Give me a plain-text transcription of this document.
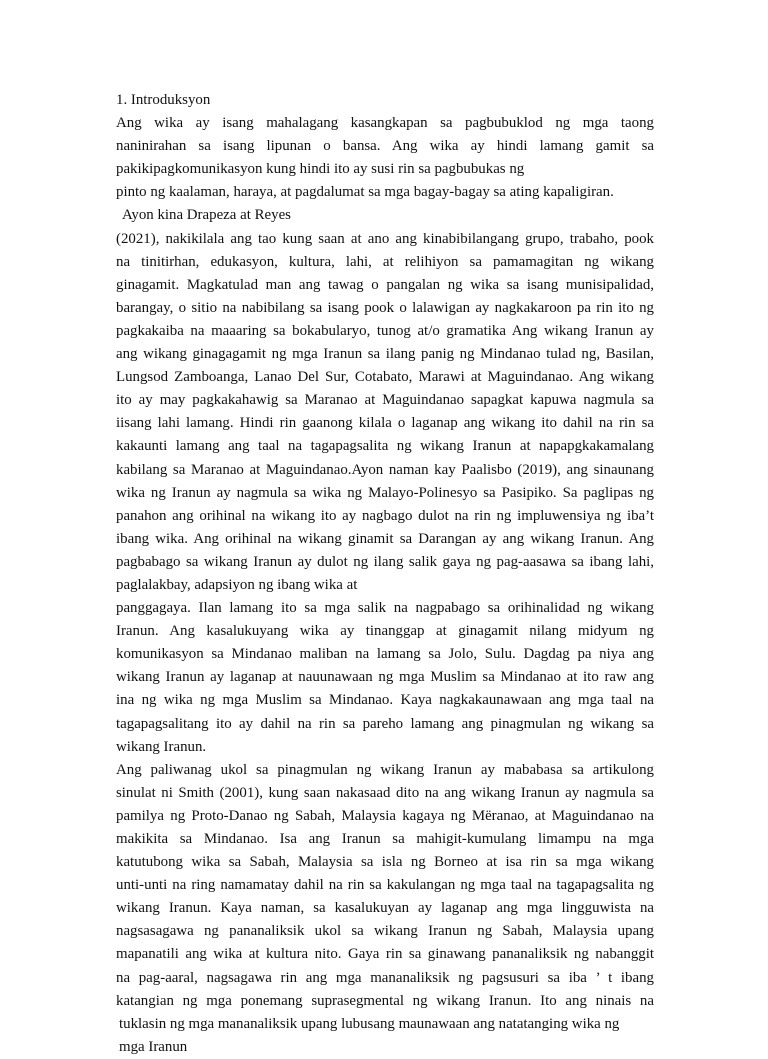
1. Introduksyon
Ang wika ay isang mahalagang kasangkapan sa pagbubuklod ng mga taong
naninirahan sa isang lipunan o bansa. Ang wika ay hindi lamang gamit sa
pakikipagkomunikasyon kung hindi ito ay susi rin sa pagbubukas ng
pinto ng kaalaman, haraya, at pagdalumat sa mga bagay-bagay sa ating kapaligiran.
Ayon kina Drapeza at Reyes
(2021), nakikilala ang tao kung saan at ano ang kinabibilangang grupo, trabaho, pook
na tinitirhan, edukasyon, kultura, lahi, at relihiyon sa pamamagitan ng wikang
ginagamit. Magkatulad man ang tawag o pangalan ng wika sa isang munisipalidad,
barangay, o sitio na nabibilang sa isang pook o lalawigan ay nagkakaroon pa rin ito ng
pagkakaiba na maaaring sa bokabularyo, tunog at/o gramatika Ang wikang Iranun ay
ang wikang ginagagamit ng mga Iranun sa ilang panig ng Mindanao tulad ng, Basilan,
Lungsod Zamboanga, Lanao Del Sur, Cotabato, Marawi at Maguindanao. Ang wikang
ito ay may pagkakahawig sa Maranao at Maguindanao sapagkat kapuwa nagmula sa
iisang lahi lamang. Hindi rin gaanong kilala o laganap ang wikang ito dahil na rin sa
kakaunti lamang ang taal na tagapagsalita ng wikang Iranun at napapgkakamalang
kabilang sa Maranao at Maguindanao.Ayon naman kay Paalisbo (2019), ang sinaunang
wika ng Iranun ay nagmula sa wika ng Malayo-Polinesyo sa Pasipiko. Sa paglipas ng
panahon ang orihinal na wikang ito ay nagbago dulot na rin ng impluwensiya ng iba’t
ibang wika. Ang orihinal na wikang ginamit sa Darangan ay ang wikang Iranun. Ang
pagbabago sa wikang Iranun ay dulot ng ilang salik gaya ng pag-aasawa sa ibang lahi,
paglalakbay, adapsiyon ng ibang wika at
panggagaya. Ilan lamang ito sa mga salik na nagpabago sa orihinalidad ng wikang
Iranun. Ang kasalukuyang wika ay tinanggap at ginagamit nilang midyum ng
komunikasyon sa Mindanao maliban na lamang sa Jolo, Sulu. Dagdag pa niya ang
wikang Iranun ay laganap at nauunawaan ng mga Muslim sa Mindanao at ito raw ang
ina ng wika ng mga Muslim sa Mindanao. Kaya nagkakaunawaan ang mga taal na
tagapagsalitang ito ay dahil na rin sa pareho lamang ang pinagmulan ng wikang sa
wikang Iranun.
Ang paliwanag ukol sa pinagmulan ng wikang Iranun ay mababasa sa artikulong
sinulat ni Smith (2001), kung saan nakasaad dito na ang wikang Iranun ay nagmula sa
pamilya ng Proto-Danao ng Sabah, Malaysia kagaya ng Mëranao, at Maguindanao na
makikita sa Mindanao. Isa ang Iranun sa mahigit-kumulang limampu na mga
katutubong wika sa Sabah, Malaysia sa isla ng Borneo at isa rin sa mga wikang
unti-unti na ring namamatay dahil na rin sa kakulangan ng mga taal na tagapagsalita ng
wikang Iranun. Kaya naman, sa kasalukuyan ay laganap ang mga lingguwista na
nagsasagawa ng pananaliksik ukol sa wikang Iranun ng Sabah, Malaysia upang
mapanatili ang wika at kultura nito. Gaya rin sa ginawang pananaliksik ng nabanggit
na pag-aaral, nagsagawa rin ang mga mananaliksik ng pagsusuri sa iba ’ t ibang
katangian ng mga ponemang suprasegmental ng wikang Iranun. Ito ang ninais na
tuklasin ng mga mananaliksik upang lubusang maunawaan ang natatanging wika ng
mga Iranun
